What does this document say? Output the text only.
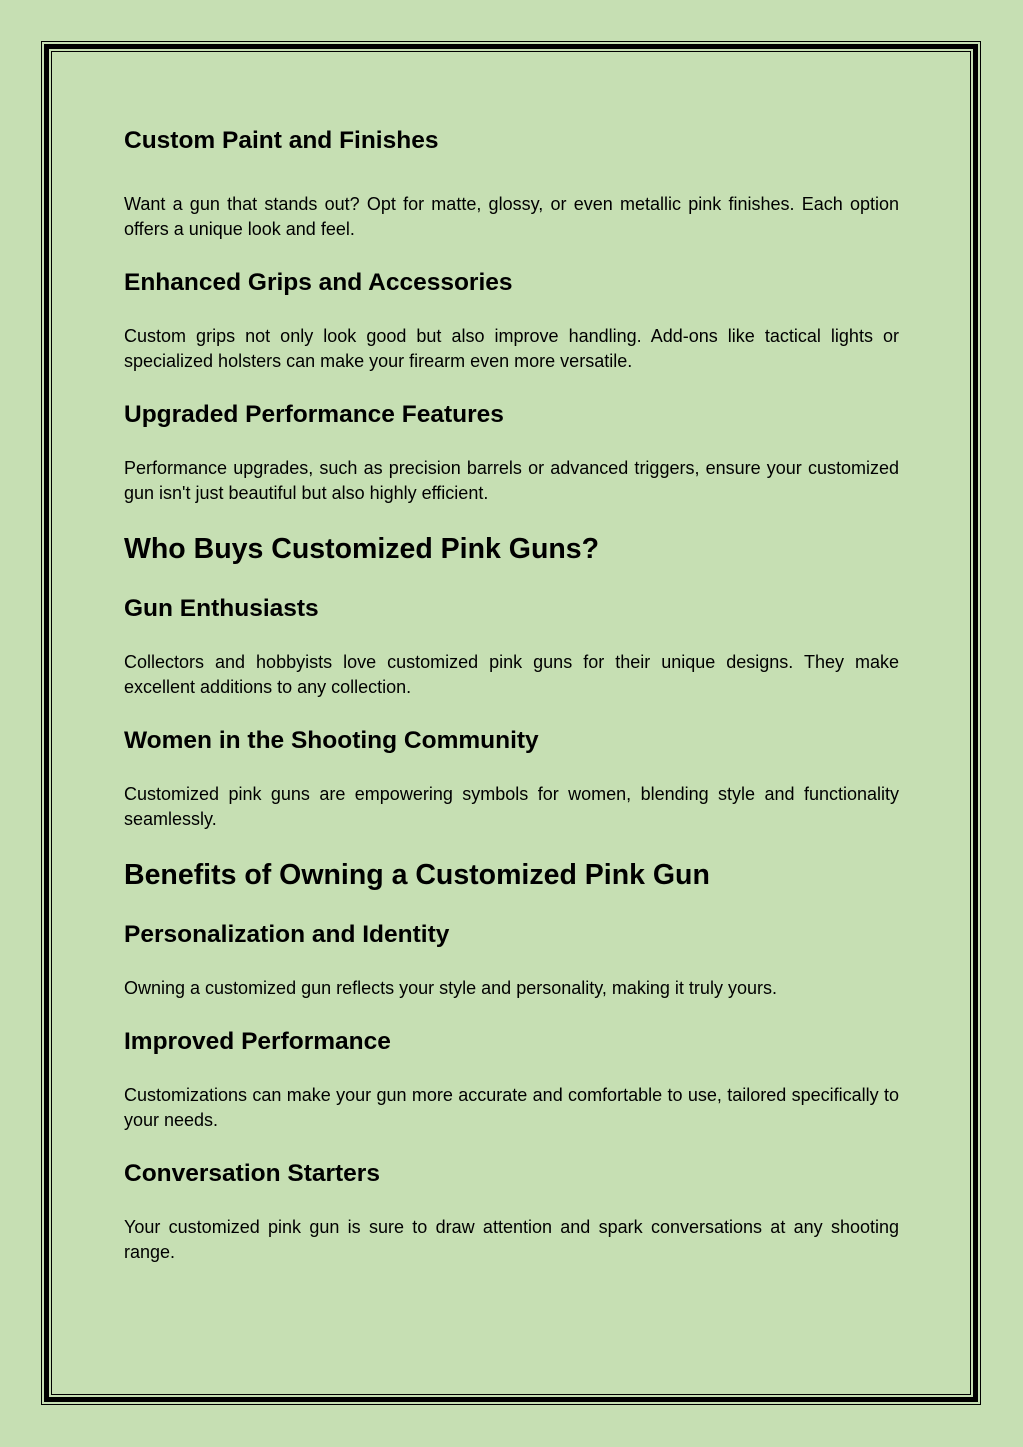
Custom Paint and Finishes

Want a gun that stands out? Opt for matte, glossy, or even metallic pink finishes. Each option offers a unique look and feel.

Enhanced Grips and Accessories

Custom grips not only look good but also improve handling. Add-ons like tactical lights or specialized holsters can make your firearm even more versatile.

Upgraded Performance Features

Performance upgrades, such as precision barrels or advanced triggers, ensure your customized gun isn't just beautiful but also highly efficient.

Who Buys Customized Pink Guns?
Gun Enthusiasts

Collectors and hobbyists love customized pink guns for their unique designs. They make excellent additions to any collection.

Women in the Shooting Community

Customized pink guns are empowering symbols for women, blending style and functionality seamlessly.

Benefits of Owning a Customized Pink Gun
Personalization and Identity

Owning a customized gun reflects your style and personality, making it truly yours.

Improved Performance

Customizations can make your gun more accurate and comfortable to use, tailored specifically to your needs.

Conversation Starters

Your customized pink gun is sure to draw attention and spark conversations at any shooting range.
